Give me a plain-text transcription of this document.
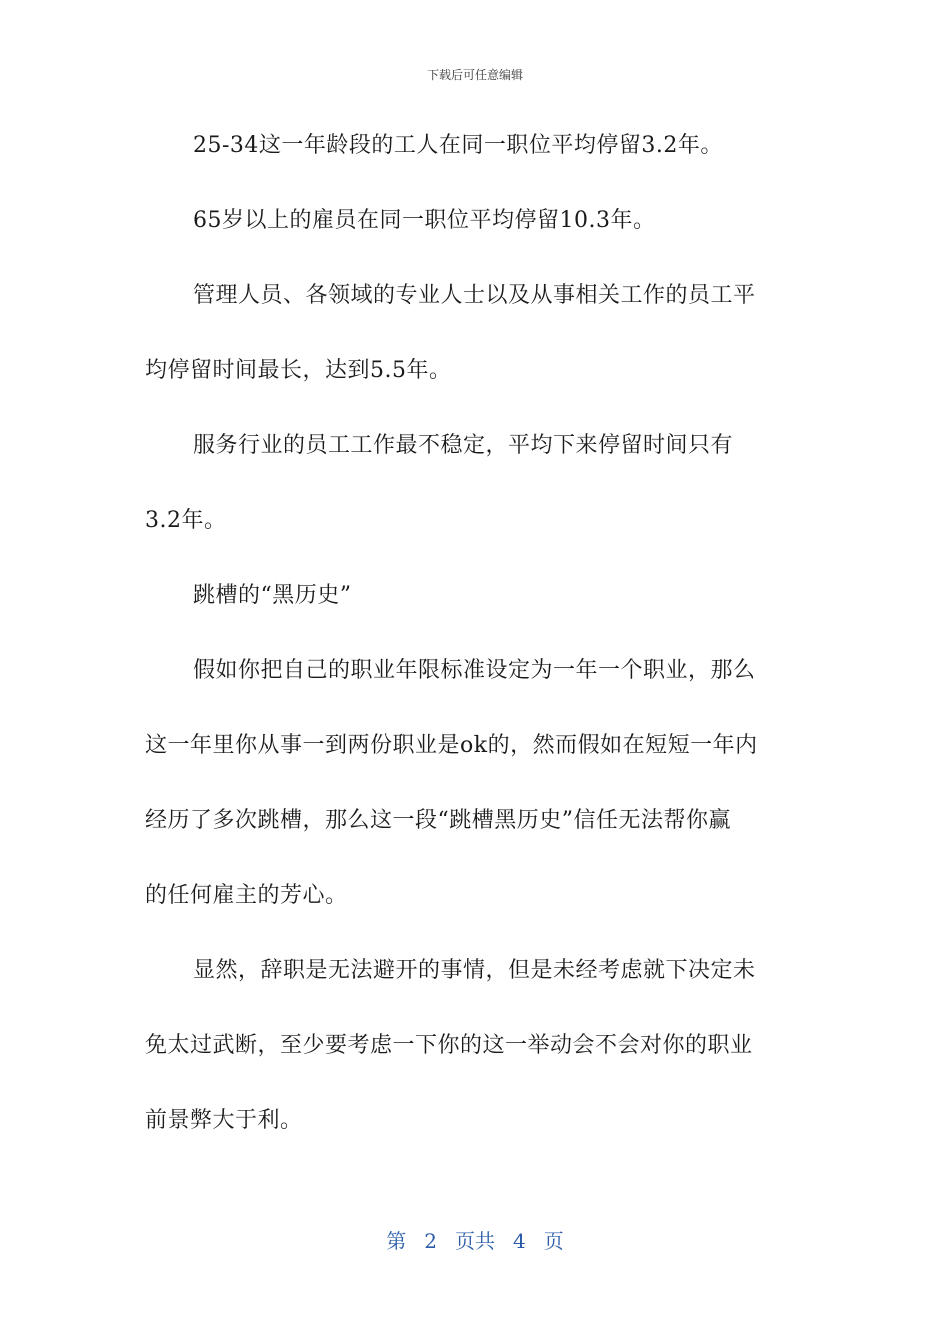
下载后可任意编辑
25-34这一年龄段的工人在同一职位平均停留3.2年。
65岁以上的雇员在同一职位平均停留10.3年。
管理人员、各领域的专业人士以及从事相关工作的员工平
均停留时间最长，达到5.5年。
服务行业的员工工作最不稳定，平均下来停留时间只有
3.2年。
跳槽的“黑历史”
假如你把自己的职业年限标准设定为一年一个职业，那么
这一年里你从事一到两份职业是ok的，然而假如在短短一年内
经历了多次跳槽，那么这一段“跳槽黑历史”信任无法帮你赢
的任何雇主的芳心。
显然，辞职是无法避开的事情，但是未经考虑就下决定未
免太过武断，至少要考虑一下你的这一举动会不会对你的职业
前景弊大于利。
第 2 页共 4 页
